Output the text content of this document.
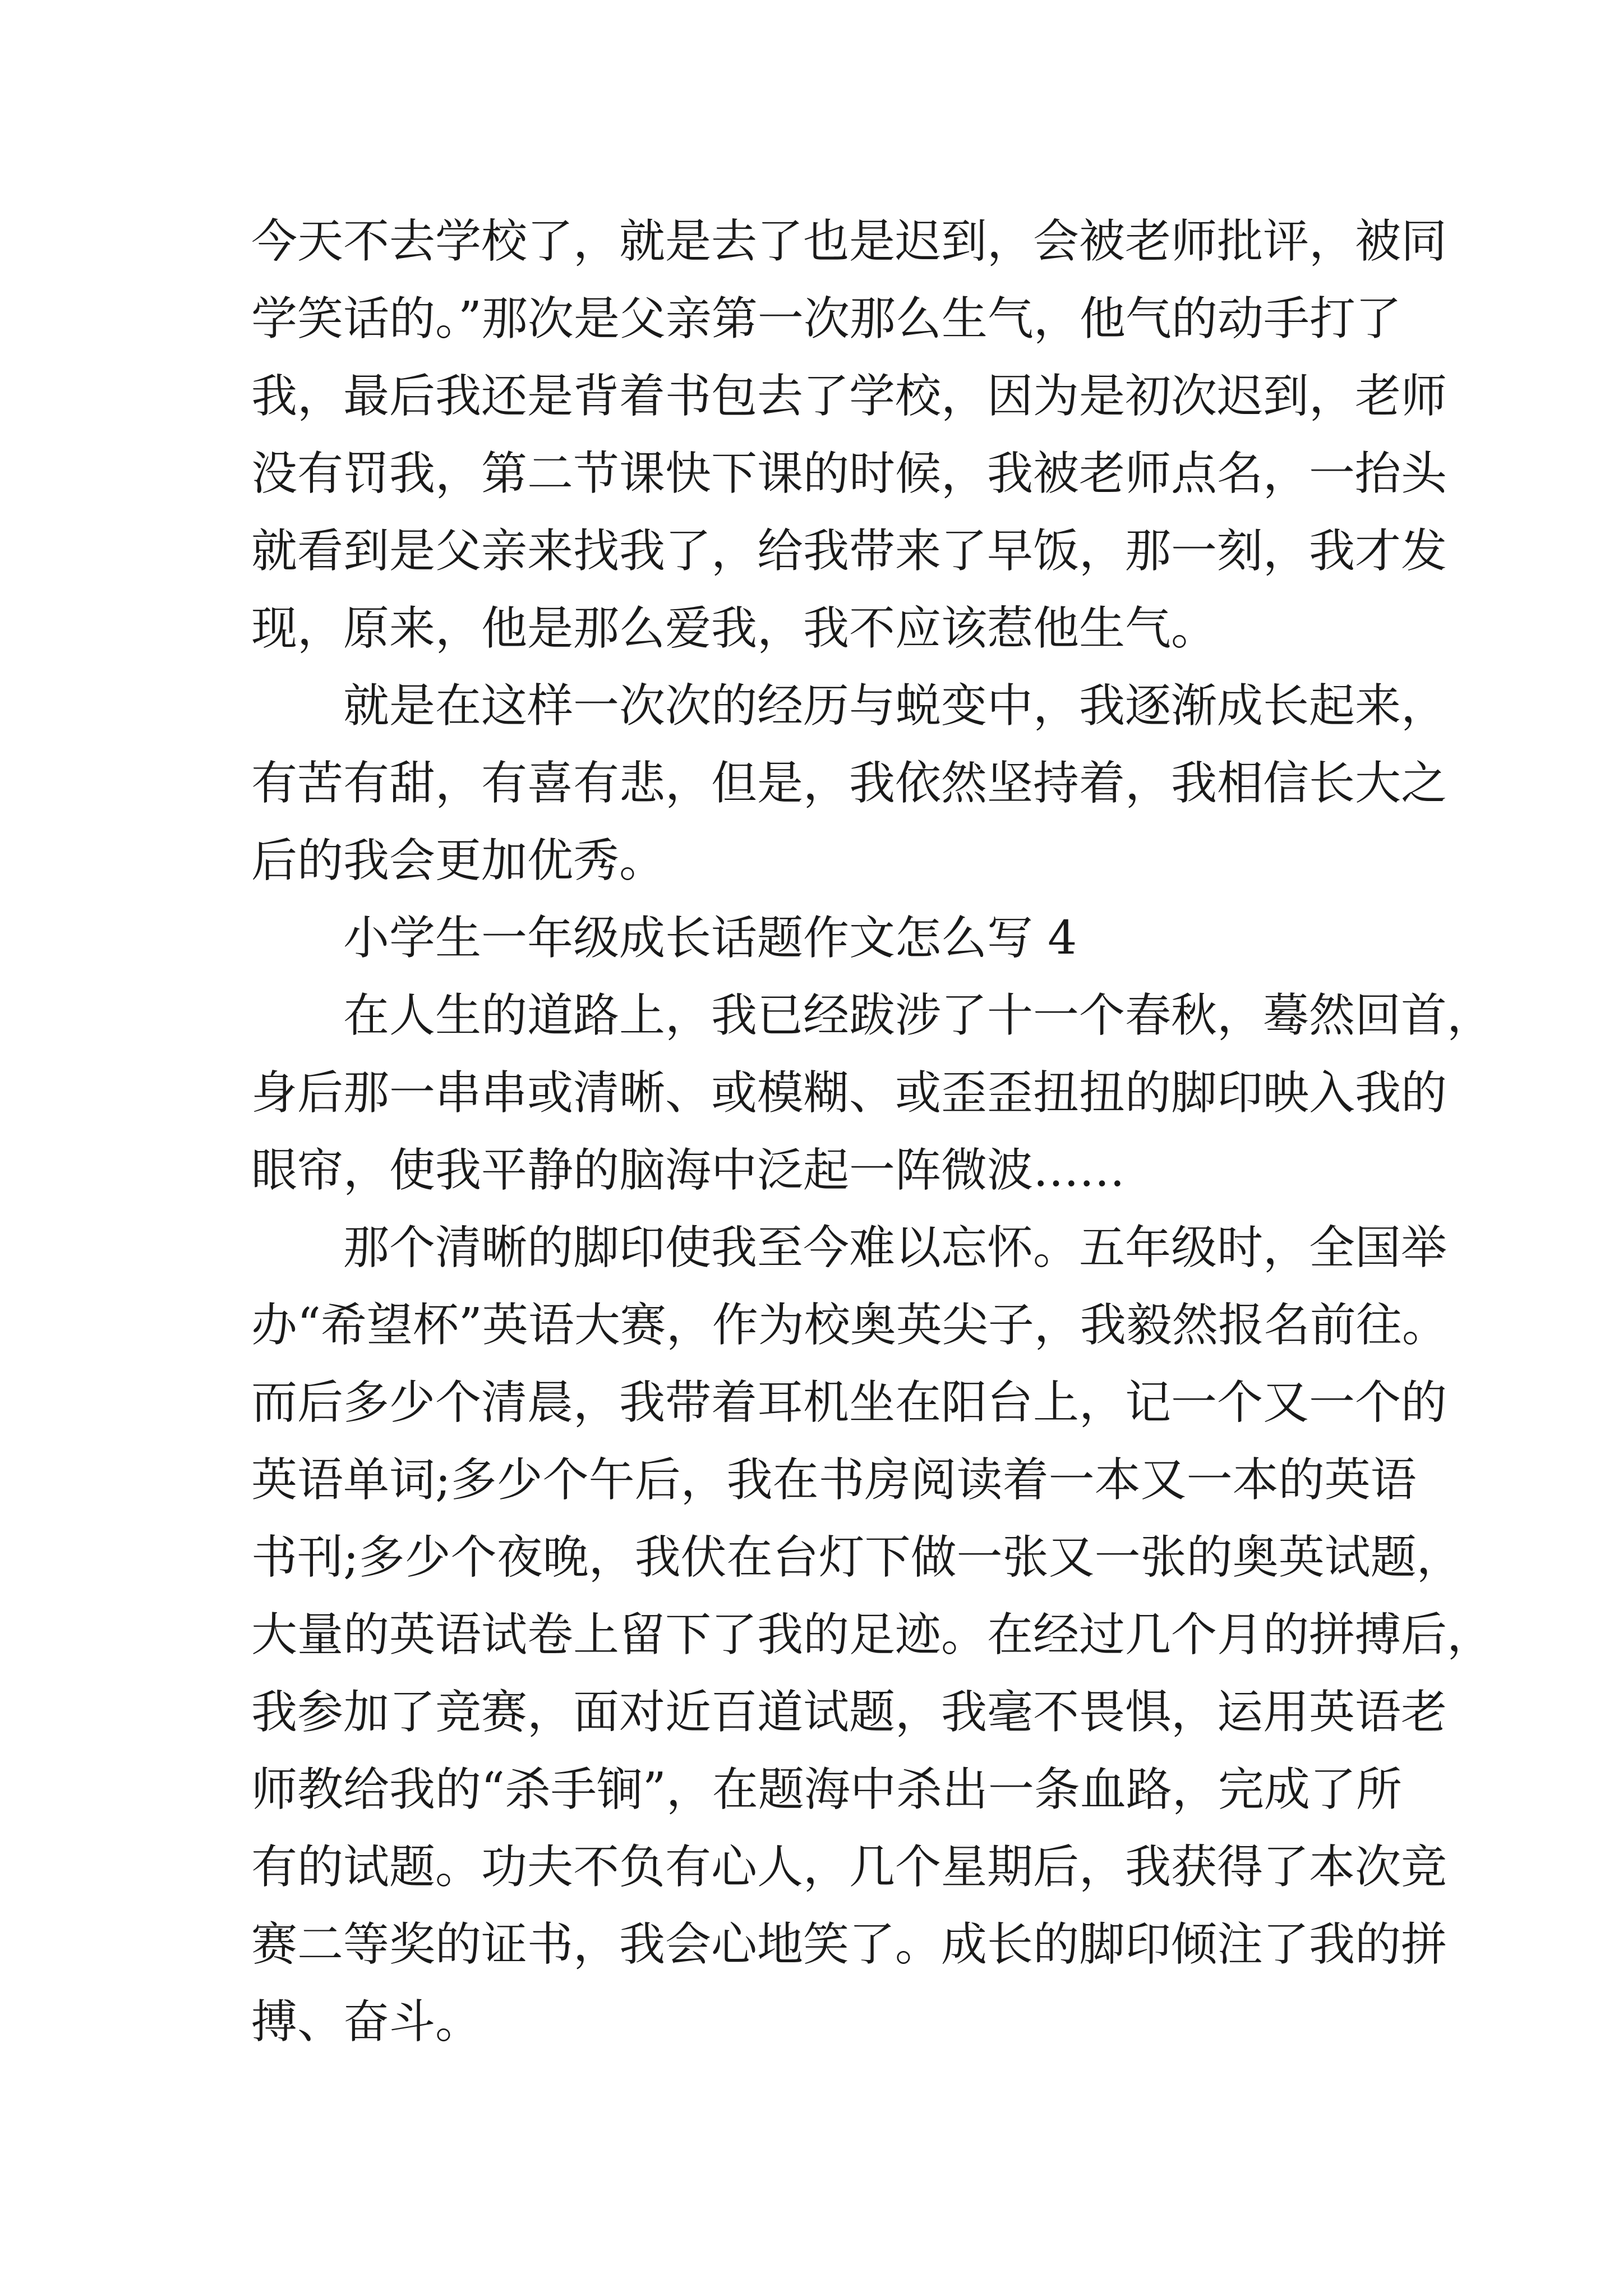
今天不去学校了，就是去了也是迟到，会被老师批评，被同
学笑话的。”那次是父亲第一次那么生气，他气的动手打了
我，最后我还是背着书包去了学校，因为是初次迟到，老师
没有罚我，第二节课快下课的时候，我被老师点名，一抬头
就看到是父亲来找我了，给我带来了早饭，那一刻，我才发
现，原来，他是那么爱我，我不应该惹他生气。
就是在这样一次次的经历与蜕变中，我逐渐成长起来，
有苦有甜，有喜有悲，但是，我依然坚持着，我相信长大之
后的我会更加优秀。
小学生一年级成长话题作文怎么写 4
在人生的道路上，我已经跋涉了十一个春秋，蓦然回首，
身后那一串串或清晰、或模糊、或歪歪扭扭的脚印映入我的
眼帘，使我平静的脑海中泛起一阵微波……
那个清晰的脚印使我至今难以忘怀。五年级时，全国举
办“希望杯”英语大赛，作为校奥英尖子，我毅然报名前往。
而后多少个清晨，我带着耳机坐在阳台上，记一个又一个的
英语单词;多少个午后，我在书房阅读着一本又一本的英语
书刊;多少个夜晚，我伏在台灯下做一张又一张的奥英试题，
大量的英语试卷上留下了我的足迹。在经过几个月的拼搏后，
我参加了竞赛，面对近百道试题，我毫不畏惧，运用英语老
师教给我的“杀手锏”，在题海中杀出一条血路，完成了所
有的试题。功夫不负有心人，几个星期后，我获得了本次竞
赛二等奖的证书，我会心地笑了。成长的脚印倾注了我的拼
搏、奋斗。
